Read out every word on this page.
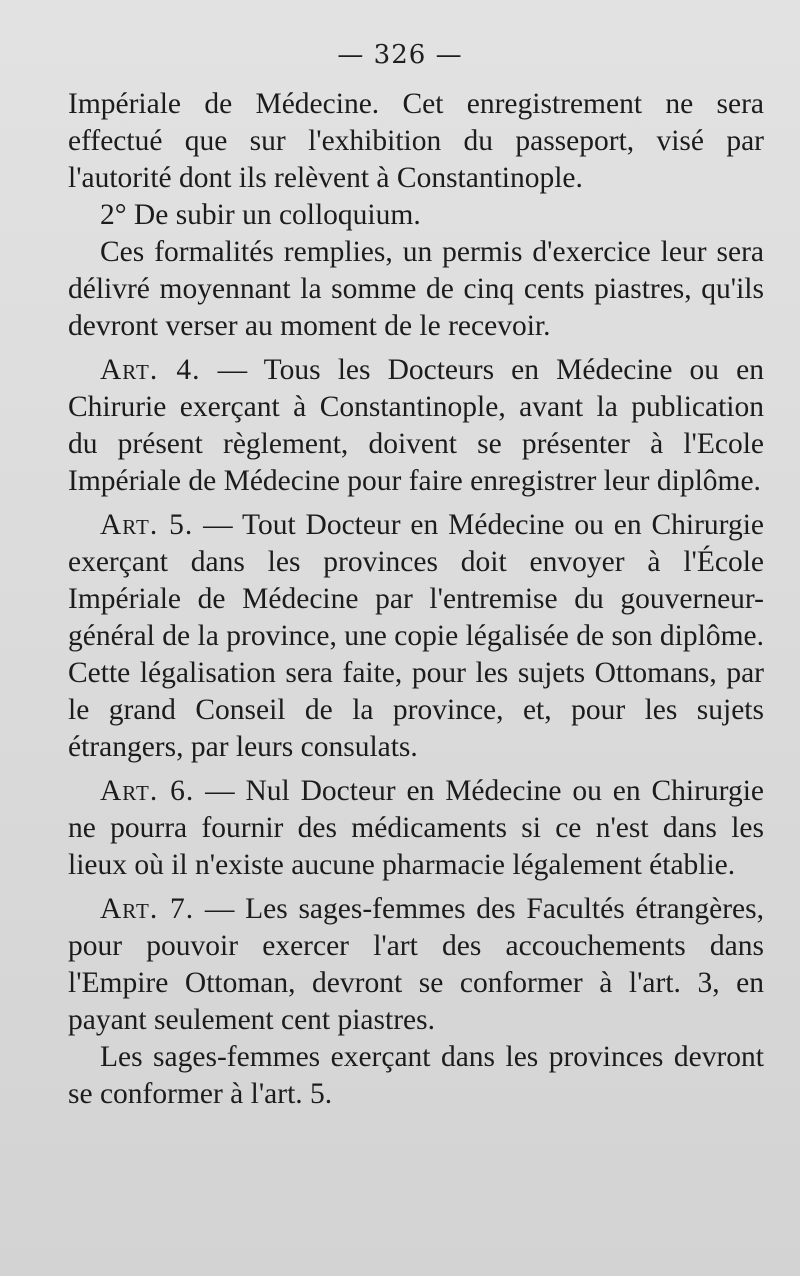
— 326 —

Impériale de Médecine. Cet enregistrement ne sera effectué que sur l'exhibition du passeport, visé par l'autorité dont ils relèvent à Constantinople.

2° De subir un colloquium.

Ces formalités remplies, un permis d'exercice leur sera délivré moyennant la somme de cinq cents piastres, qu'ils devront verser au moment de le recevoir.

Art. 4. — Tous les Docteurs en Médecine ou en Chirurie exerçant à Constantinople, avant la publication du présent règlement, doivent se présenter à l'Ecole Impériale de Médecine pour faire enregistrer leur diplôme.

Art. 5. — Tout Docteur en Médecine ou en Chirurgie exerçant dans les provinces doit envoyer à l'École Impériale de Médecine par l'entremise du gouverneur-général de la province, une copie légalisée de son diplôme. Cette légalisation sera faite, pour les sujets Ottomans, par le grand Conseil de la province, et, pour les sujets étrangers, par leurs consulats.

Art. 6. — Nul Docteur en Médecine ou en Chirurgie ne pourra fournir des médicaments si ce n'est dans les lieux où il n'existe aucune pharmacie légalement établie.

Art. 7. — Les sages-femmes des Facultés étrangères, pour pouvoir exercer l'art des accouchements dans l'Empire Ottoman, devront se conformer à l'art. 3, en payant seulement cent piastres.

Les sages-femmes exerçant dans les provinces devront se conformer à l'art. 5.
